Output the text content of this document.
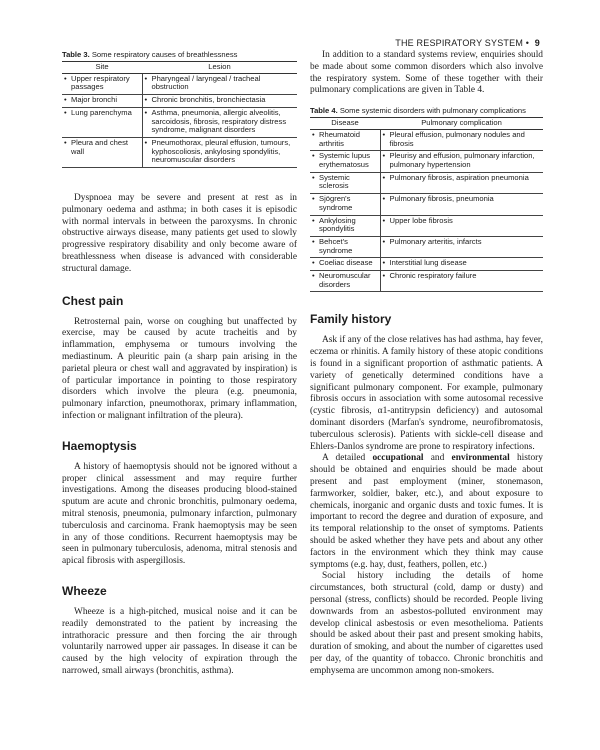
THE RESPIRATORY SYSTEM • 9

Table 3. Some respiratory causes of breathlessness

Site	Lesion

• Upper respiratory passages	• Pharyngeal / laryngeal / tracheal obstruction

• Major bronchi	• Chronic bronchitis, bronchiectasia

• Lung parenchyma	• Asthma, pneumonia, allergic alveolitis, sarcoidosis, fibrosis, respiratory distress syndrome, malignant disorders

• Pleura and chest wall	• Pneumothorax, pleural effusion, tumours, kyphoscoliosis, ankylosing spondylitis, neuromuscular disorders

Dyspnoea may be severe and present at rest as in pulmonary oedema and asthma; in both cases it is episodic with normal intervals in between the paroxysms. In chronic obstructive airways disease, many patients get used to slowly progressive respiratory disability and only become aware of breathlessness when disease is advanced with considerable structural damage.

Chest pain

Retrosternal pain, worse on coughing but unaffected by exercise, may be caused by acute tracheitis and by inflammation, emphysema or tumours involving the mediastinum. A pleuritic pain (a sharp pain arising in the parietal pleura or chest wall and aggravated by inspiration) is of particular importance in pointing to those respiratory disorders which involve the pleura (e.g. pneumonia, pulmonary infarction, pneumothorax, primary inflammation, infection or malignant infiltration of the pleura).

Haemoptysis

A history of haemoptysis should not be ignored without a proper clinical assessment and may require further investigations. Among the diseases producing blood-stained sputum are acute and chronic bronchitis, pulmonary oedema, mitral stenosis, pneumonia, pulmonary infarction, pulmonary tuberculosis and carcinoma. Frank haemoptysis may be seen in any of those conditions. Recurrent haemoptysis may be seen in pulmonary tuberculosis, adenoma, mitral stenosis and apical fibrosis with aspergillosis.

Wheeze

Wheeze is a high-pitched, musical noise and it can be readily demonstrated to the patient by increasing the intrathoracic pressure and then forcing the air through voluntarily narrowed upper air passages. In disease it can be caused by the high velocity of expiration through the narrowed, small airways (bronchitis, asthma).

In addition to a standard systems review, enquiries should be made about some common disorders which also involve the respiratory system. Some of these together with their pulmonary complications are given in Table 4.

Table 4. Some systemic disorders with pulmonary complications

Disease	Pulmonary complication

• Rheumatoid arthritis	• Pleural effusion, pulmonary nodules and fibrosis

• Systemic lupus erythematosus	• Pleurisy and effusion, pulmonary infarction, pulmonary hypertension

• Systemic sclerosis	• Pulmonary fibrosis, aspiration pneumonia

• Sjögren's syndrome	• Pulmonary fibrosis, pneumonia

• Ankylosing spondylitis	• Upper lobe fibrosis

• Behcet's syndrome	• Pulmonary arteritis, infarcts

• Coeliac disease	• Interstitial lung disease

• Neuromuscular disorders	• Chronic respiratory failure
Family history

Ask if any of the close relatives has had asthma, hay fever, eczema or rhinitis. A family history of these atopic conditions is found in a significant proportion of asthmatic patients. A variety of genetically determined conditions have a significant pulmonary component. For example, pulmonary fibrosis occurs in association with some autosomal recessive (cystic fibrosis, α1-antitrypsin deficiency) and autosomal dominant disorders (Marfan's syndrome, neurofibromatosis, tuberculous sclerosis). Patients with sickle-cell disease and Ehlers-Danlos syndrome are prone to respiratory infections.

A detailed occupational and environmental history should be obtained and enquiries should be made about present and past employment (miner, stonemason, farmworker, soldier, baker, etc.), and about exposure to chemicals, inorganic and organic dusts and toxic fumes. It is important to record the degree and duration of exposure, and its temporal relationship to the onset of symptoms. Patients should be asked whether they have pets and about any other factors in the environment which they think may cause symptoms (e.g. hay, dust, feathers, pollen, etc.)

Social history including the details of home circumstances, both structural (cold, damp or dusty) and personal (stress, conflicts) should be recorded. People living downwards from an asbestos-polluted environment may develop clinical asbestosis or even mesothelioma. Patients should be asked about their past and present smoking habits, duration of smoking, and about the number of cigarettes used per day, of the quantity of tobacco. Chronic bronchitis and emphysema are uncommon among non-smokers.
